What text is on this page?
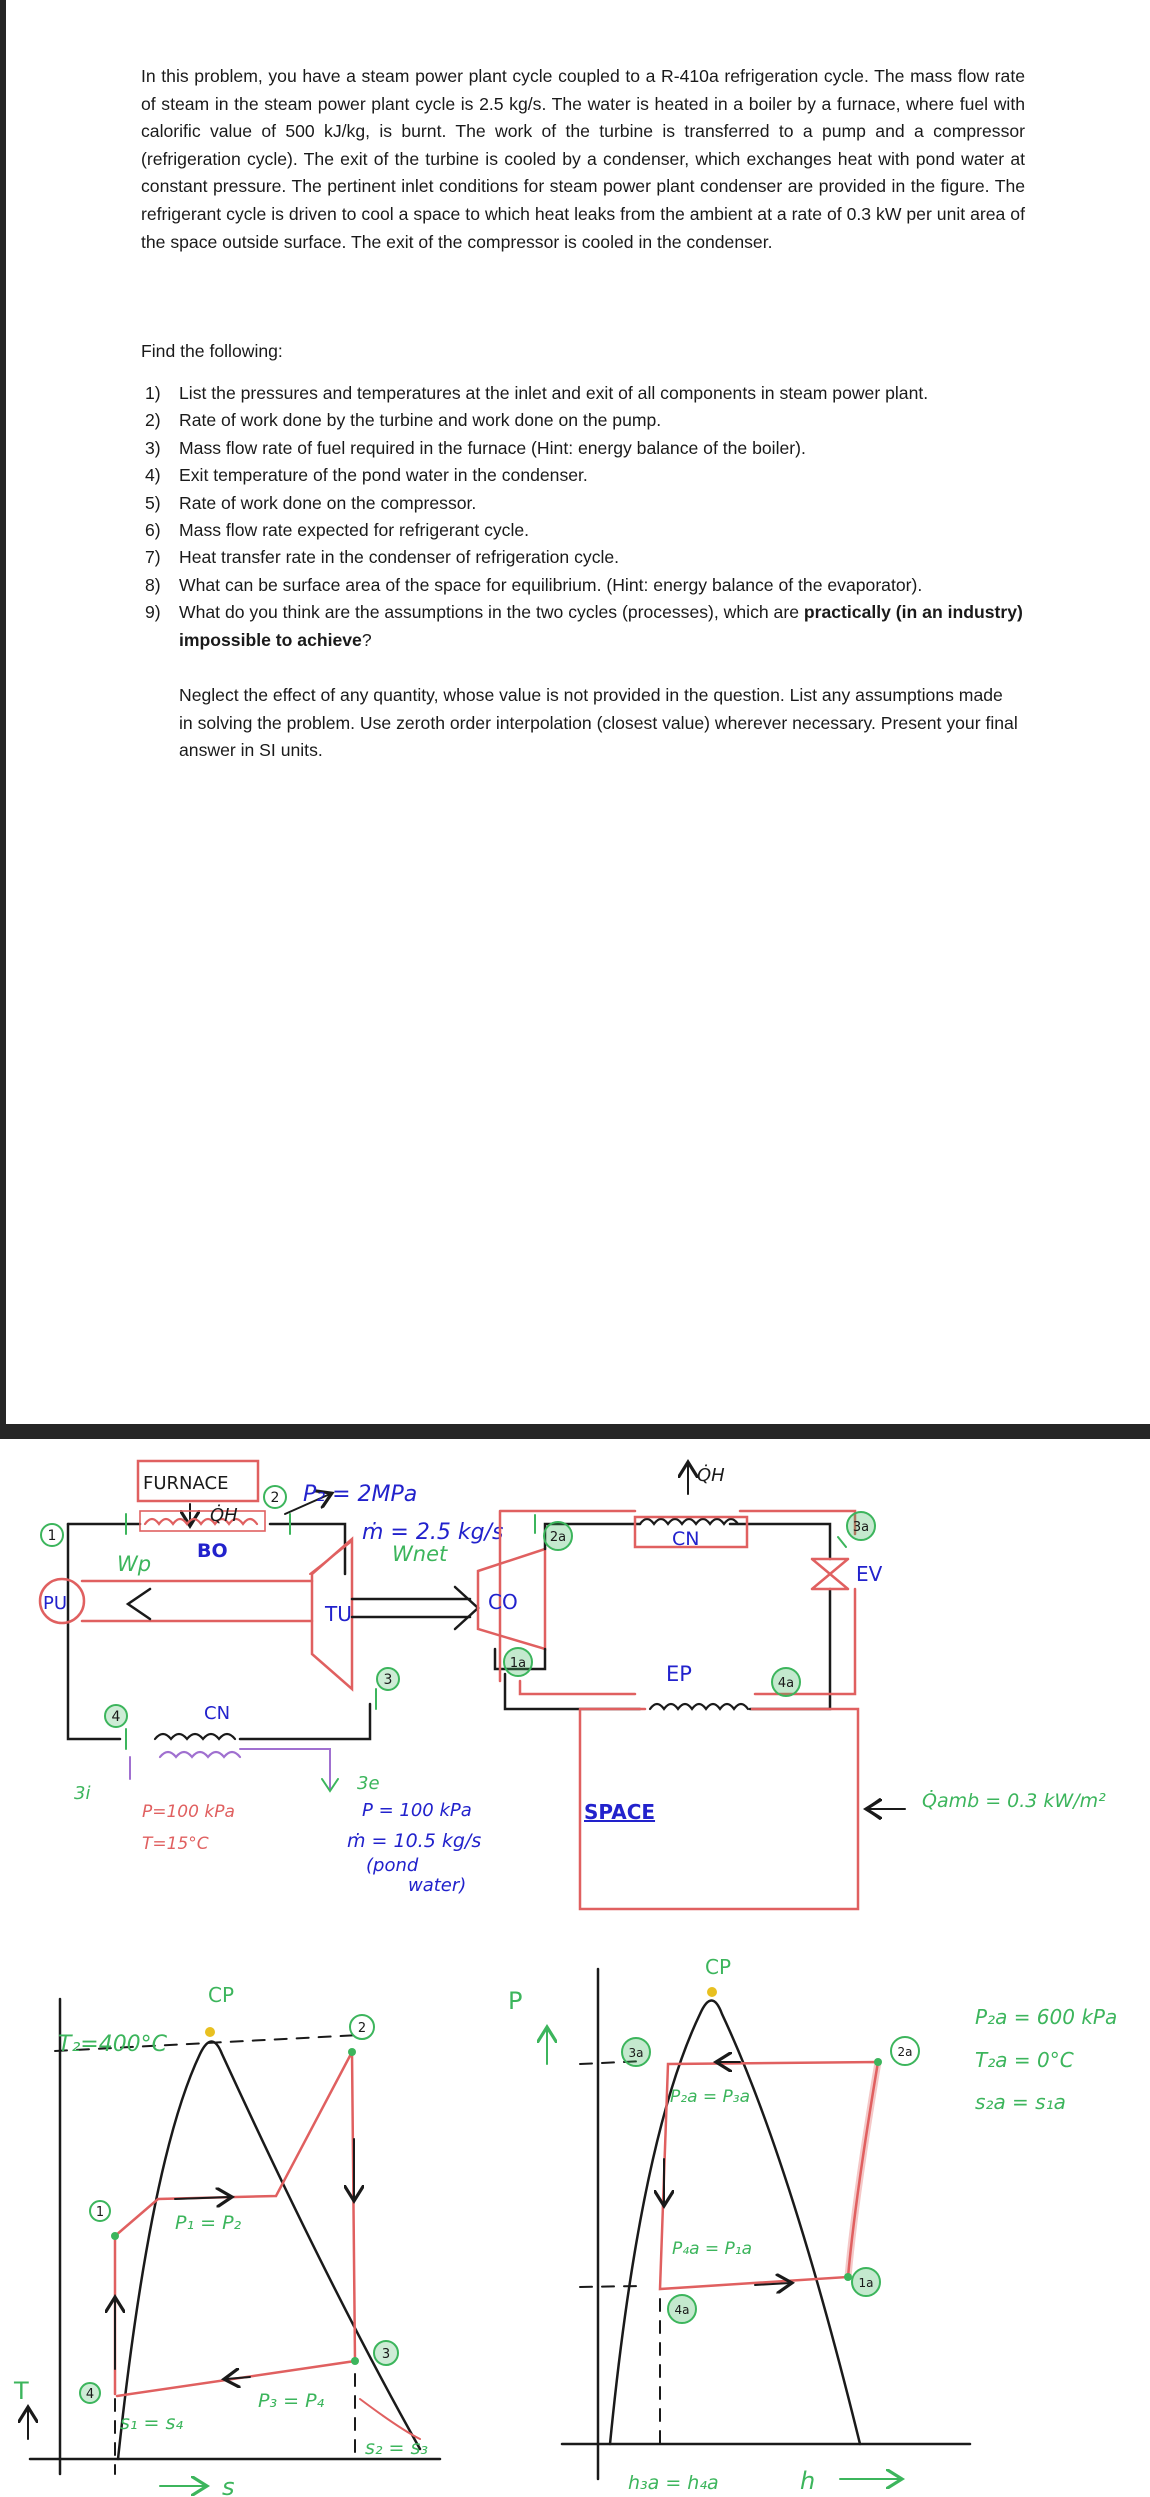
In this problem, you have a steam power plant cycle coupled to a R-410a refrigeration cycle. The mass flow rate of steam in the steam power plant cycle is 2.5 kg/s. The water is heated in a boiler by a furnace, where fuel with calorific value of 500 kJ/kg, is burnt. The work of the turbine is transferred to a pump and a compressor (refrigeration cycle). The exit of the turbine is cooled by a condenser, which exchanges heat with pond water at constant pressure. The pertinent inlet conditions for steam power plant condenser are provided in the figure. The refrigerant cycle is driven to cool a space to which heat leaks from the ambient at a rate of 0.3 kW per unit area of the space outside surface. The exit of the compressor is cooled in the condenser.

Find the following:

1) List the pressures and temperatures at the inlet and exit of all components in steam power plant.
2) Rate of work done by the turbine and work done on the pump.
3) Mass flow rate of fuel required in the furnace (Hint: energy balance of the boiler).
4) Exit temperature of the pond water in the condenser.
5) Rate of work done on the compressor.
6) Mass flow rate expected for refrigerant cycle.
7) Heat transfer rate in the condenser of refrigeration cycle.
8) What can be surface area of the space for equilibrium. (Hint: energy balance of the evaporator).
9) What do you think are the assumptions in the two cycles (processes), which are practically (in an industry) impossible to achieve?

Neglect the effect of any quantity, whose value is not provided in the question. List any assumptions made in solving the problem. Use zeroth order interpolation (closest value) wherever necessary. Present your final answer in SI units.

FURNACE
Q̇H
BO
TU
PU
CN
Wp	Wnet
P₂ = 2MPa
ṁ = 2.5 kg/s
3i
P=100 kPa
T=15°C
3e
P = 100 kPa
ṁ = 10.5 kg/s
(pond
water)
1
2
3
4
CO
CN
Q̇H
EV
EP
SPACE	Q̇amb = 0.3 kW/m²
2a
1a
3a
4a
T₂=400°C
CP
P₁ = P₂
P₃ = P₄
s₁ = s₄
s₂ = s₃
T
s
1
2
3
4
P
h
CP
P₂a = P₃a
P₄a = P₁a
h₃a = h₄a
P₂a = 600 kPa
T₂a = 0°C
s₂a = s₁a
3a	2a
1a
4a
